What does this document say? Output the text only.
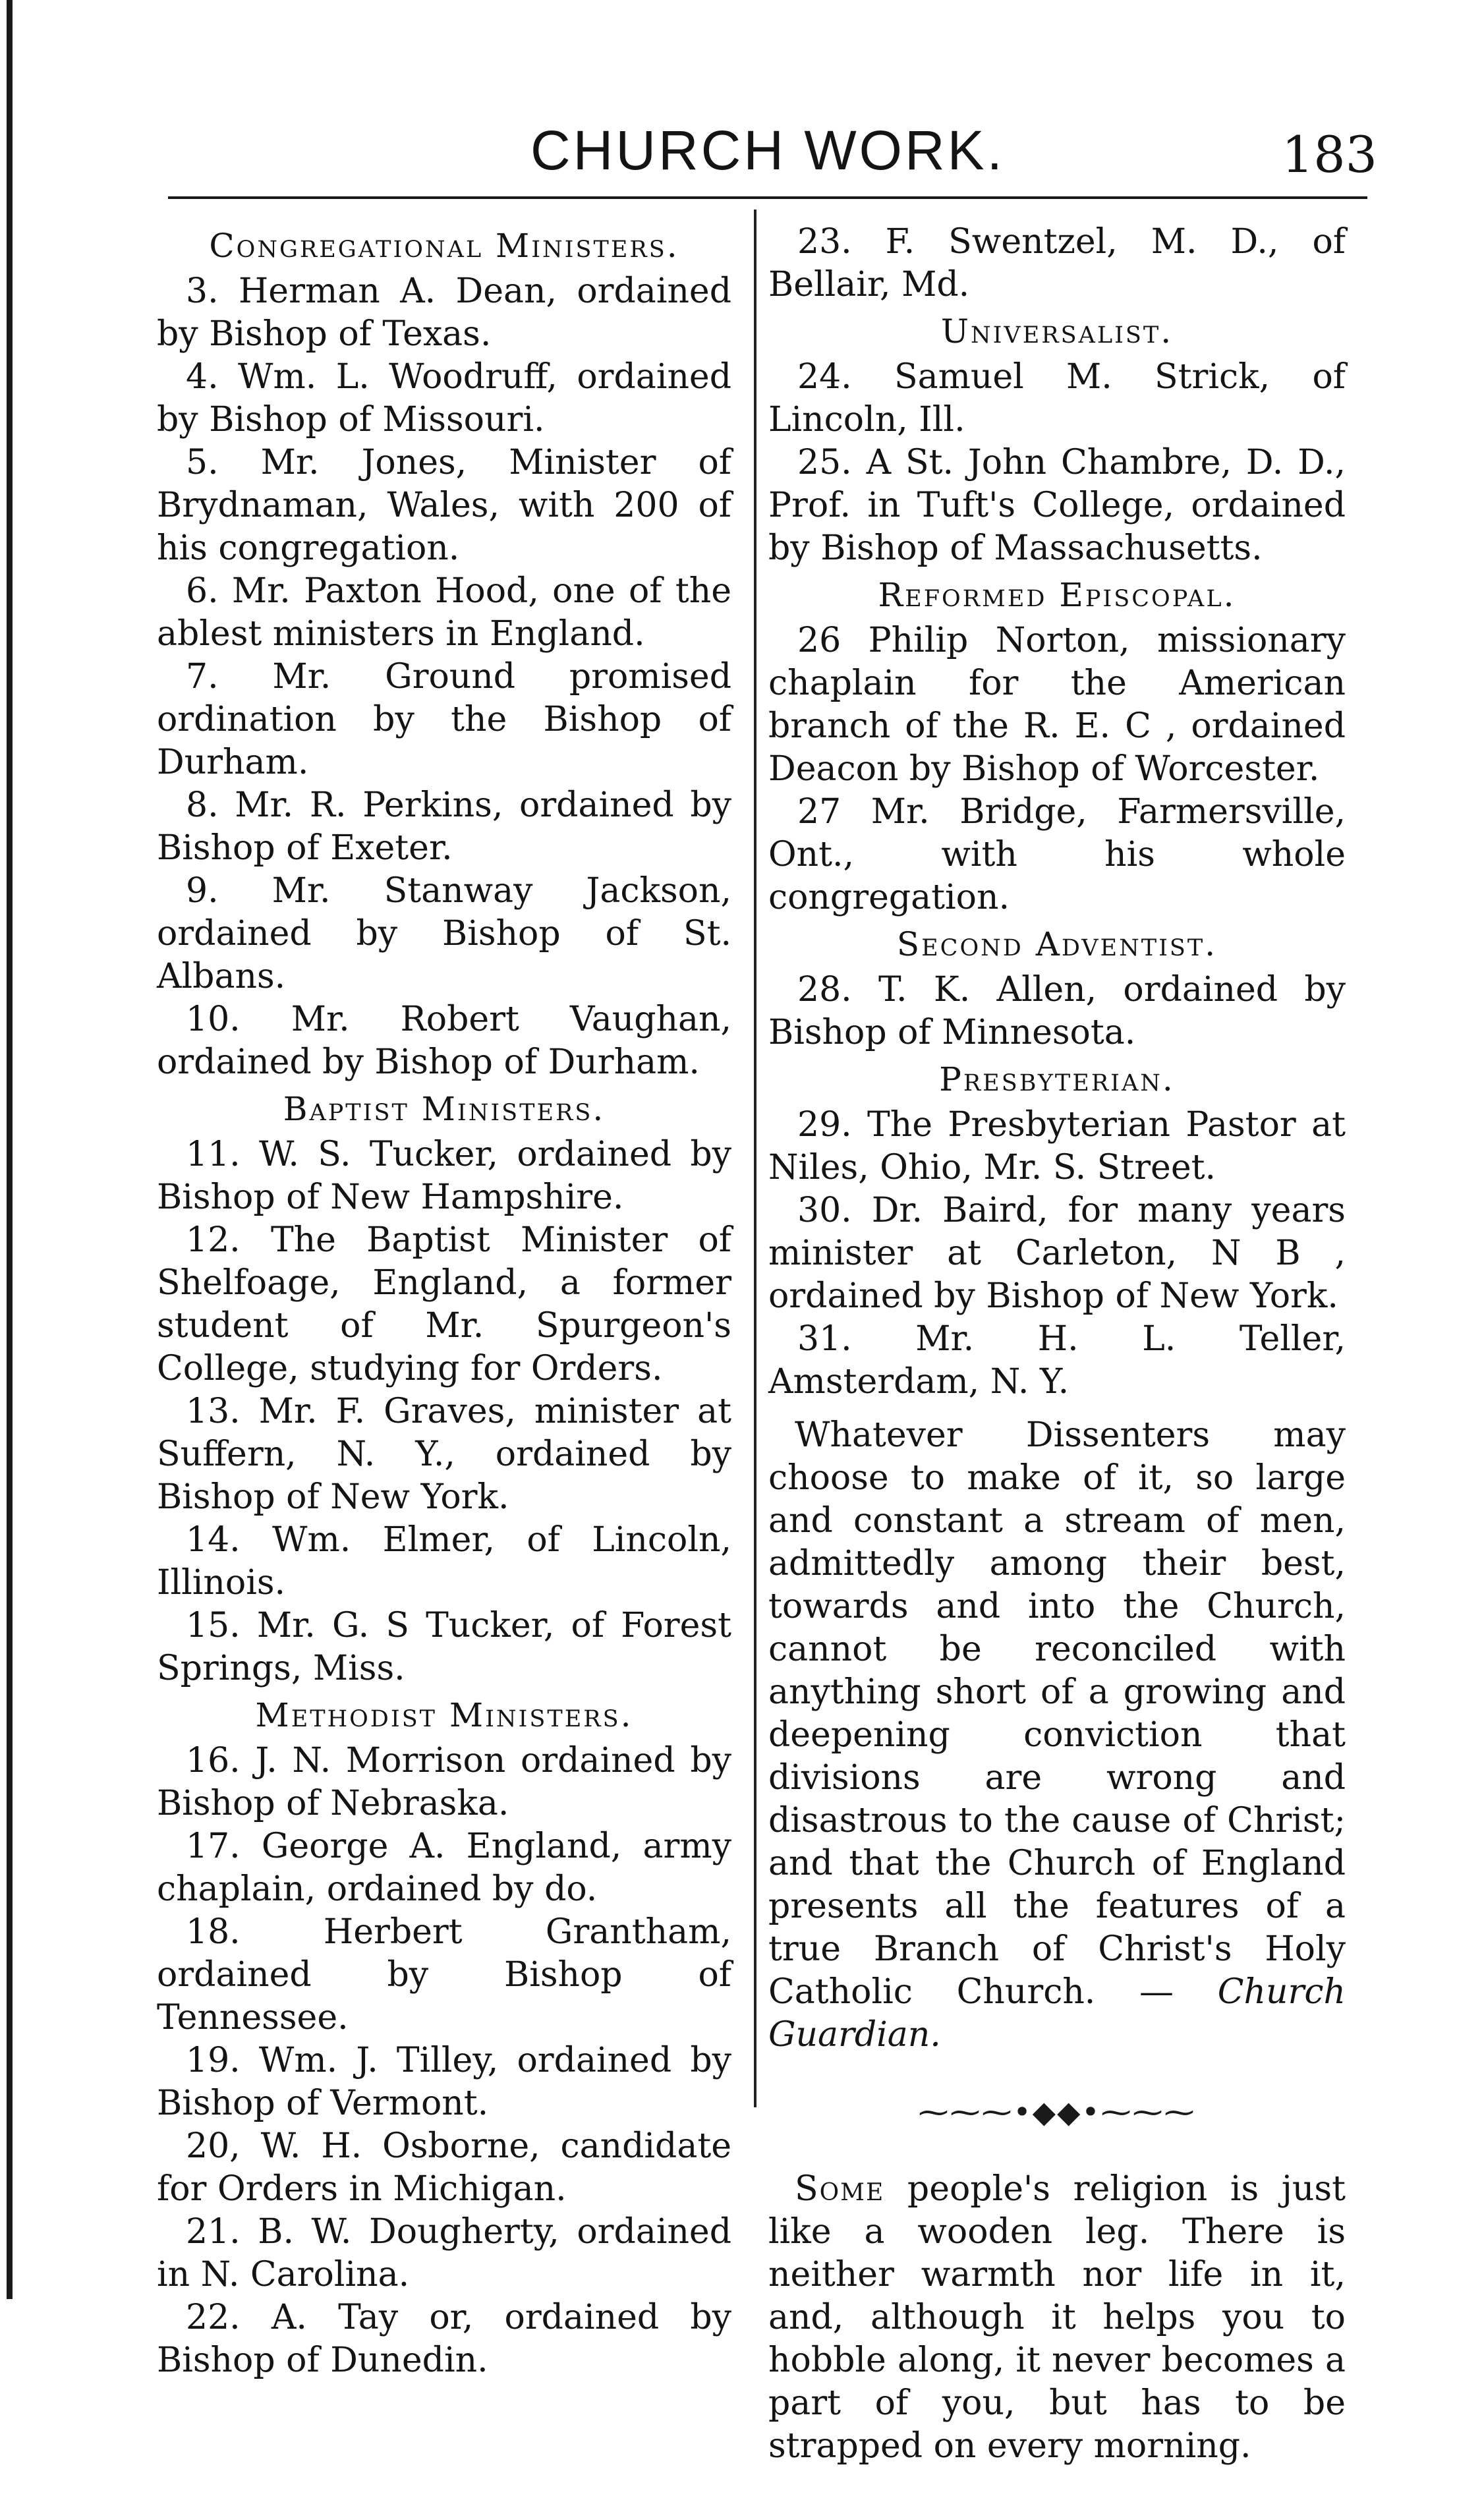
CHURCH WORK.	183
Congregational Ministers.

3. Herman A. Dean, ordained by Bishop of Texas.

4. Wm. L. Woodruff, ordained by Bishop of Missouri.

5. Mr. Jones, Minister of Brydnaman, Wales, with 200 of his congregation.

6. Mr. Paxton Hood, one of the ablest ministers in England.

7. Mr. Ground promised ordination by the Bishop of Durham.

8. Mr. R. Perkins, ordained by Bishop of Exeter.

9. Mr. Stanway Jackson, ordained by Bishop of St. Albans.

10. Mr. Robert Vaughan, ordained by Bishop of Durham.

Baptist Ministers.

11. W. S. Tucker, ordained by Bishop of New Hampshire.

12. The Baptist Minister of Shelfoage, England, a former student of Mr. Spurgeon's College, studying for Orders.

13. Mr. F. Graves, minister at Suffern, N. Y., ordained by Bishop of New York.

14. Wm. Elmer, of Lincoln, Illinois.

15. Mr. G. S Tucker, of Forest Springs, Miss.

Methodist Ministers.

16. J. N. Morrison ordained by Bishop of Nebraska.

17. George A. England, army chaplain, ordained by do.

18. Herbert Grantham, ordained by Bishop of Tennessee.

19. Wm. J. Tilley, ordained by Bishop of Vermont.

20, W. H. Osborne, candidate for Orders in Michigan.

21. B. W. Dougherty, ordained in N. Carolina.

22. A. Tay or, ordained by Bishop of Dunedin.

23. F. Swentzel, M. D., of Bellair, Md.

Universalist.

24. Samuel M. Strick, of Lincoln, Ill.

25. A St. John Chambre, D. D., Prof. in Tuft's College, ordained by Bishop of Massachusetts.

Reformed Episcopal.

26 Philip Norton, missionary chaplain for the American branch of the R. E. C , ordained Deacon by Bishop of Worcester.

27 Mr. Bridge, Farmersville, Ont., with his whole congregation.

Second Adventist.

28. T. K. Allen, ordained by Bishop of Minnesota.

Presbyterian.

29. The Presbyterian Pastor at Niles, Ohio, Mr. S. Street.

30. Dr. Baird, for many years minister at Carleton, N B , ordained by Bishop of New York.

31. Mr. H. L. Teller, Amsterdam, N. Y.

Whatever Dissenters may choose to make of it, so large and constant a stream of men, admittedly among their best, towards and into the Church, cannot be reconciled with anything short of a growing and deepening conviction that divisions are wrong and disastrous to the cause of Christ; and that the Church of England presents all the features of a true Branch of Christ's Holy Catholic Church. — Church Guardian.

⁓⁓⁓•◆◆•⁓⁓⁓

Some people's religion is just like a wooden leg. There is neither warmth nor life in it, and, although it helps you to hobble along, it never becomes a part of you, but has to be strapped on every morning.
